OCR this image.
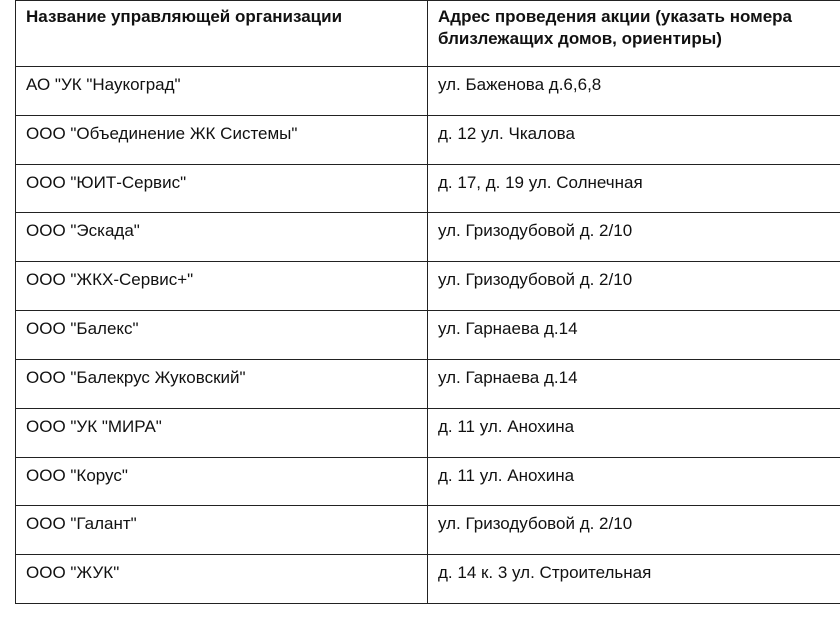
Название управляющей организации	Адрес проведения акции (указать номера близлежащих домов, ориентиры)
АО "УК "Наукоград"	ул. Баженова д.6,6,8
ООО "Объединение ЖК Системы"	д. 12 ул. Чкалова
ООО "ЮИТ-Сервис"	д. 17, д. 19 ул. Солнечная
ООО "Эскада"	ул. Гризодубовой д. 2/10
ООО "ЖКХ-Сервис+"	ул. Гризодубовой д. 2/10
ООО "Балекс"	ул. Гарнаева д.14
ООО "Балекрус Жуковский"	ул. Гарнаева д.14
ООО "УК "МИРА"	д. 11 ул. Анохина
ООО "Корус"	д. 11 ул. Анохина
ООО "Галант"	ул. Гризодубовой д. 2/10
ООО "ЖУК"	д. 14 к. 3 ул. Строительная
